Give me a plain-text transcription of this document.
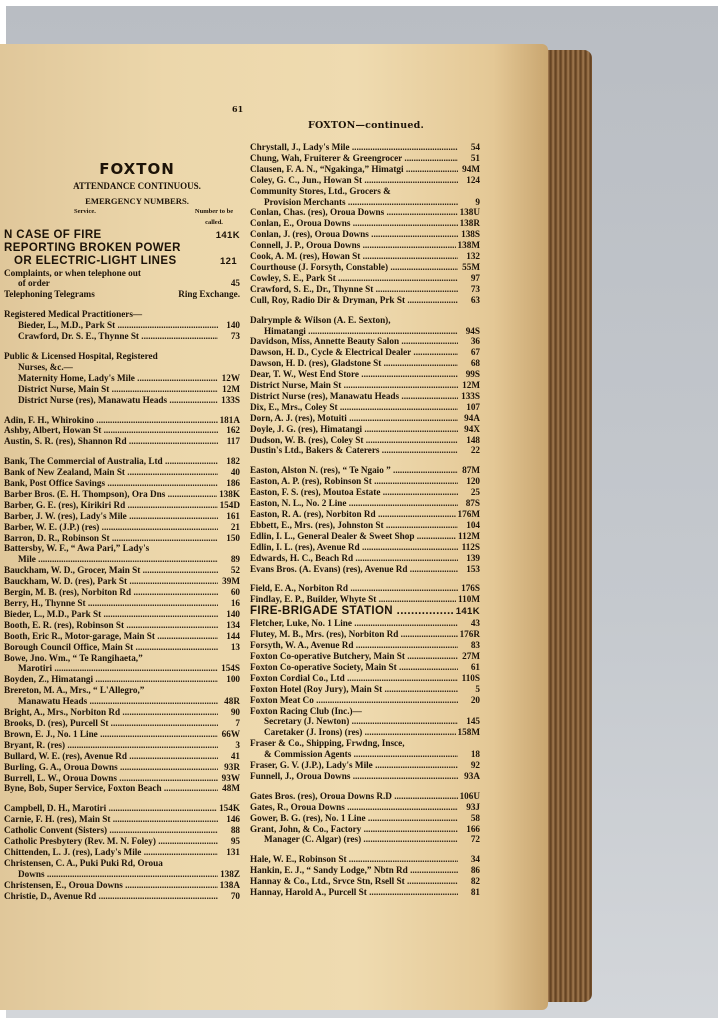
61
FOXTON—continued.
FOXTON
ATTENDANCE CONTINUOUS.
EMERGENCY NUMBERS.
Service.	Number to be called.
N CASE OF FIRE	141K
REPORTING BROKEN POWER
OR ELECTRIC-LIGHT LINES	121
Complaints, or when telephone out
of order	45
Telephoning Telegrams	Ring Exchange.
Registered Medical Practitioners—
Bieder, L., M.D., Park St .....	140
Crawford, Dr. S. E., Thynne St .....	73
Public & Licensed Hospital, Registered
Nurses, &c.—
Maternity Home, Lady's Mile .....	12W
District Nurse, Main St .....	12M
District Nurse (res), Manawatu Heads .....	133S
Adin, F. H., Whirokino .....	181A
Ashby, Albert, Howan St .....	162
Austin, S. R. (res), Shannon Rd .....	117
Bank, The Commercial of Australia, Ltd .....	182
Bank of New Zealand, Main St .....	40
Bank, Post Office Savings .....	186
Barber Bros. (E. H. Thompson), Ora Dns .....	138K
Barber, G. E. (res), Kirikiri Rd .....	154D
Barber, J. W. (res), Lady's Mile .....	161
Barber, W. E. (J.P.) (res) .....	21
Barron, D. R., Robinson St .....	150
Battersby, W. F., “ Awa Pari,” Lady's
Mile .....	89
Bauckham, W. D., Grocer, Main St .....	52
Bauckham, W. D. (res), Park St .....	39M
Bergin, M. B. (res), Norbiton Rd .....	60
Berry, H., Thynne St .....	16
Bieder, L., M.D., Park St .....	140
Booth, E. R. (res), Robinson St .....	134
Booth, Eric R., Motor-garage, Main St .....	144
Borough Council Office, Main St .....	13
Bowe, Jno. Wm., “ Te Rangihaeta,”
Marotiri .....	154S
Boyden, Z., Himatangi .....	100
Brereton, M. A., Mrs., “ L'Allegro,”
Manawatu Heads .....	48R
Bright, A., Mrs., Norbiton Rd .....	90
Brooks, D. (res), Purcell St .....	7
Brown, E. J., No. 1 Line .....	66W
Bryant, R. (res) .....	3
Bullard, W. E. (res), Avenue Rd .....	41
Burling, G. A., Oroua Downs .....	93R
Burrell, L. W., Oroua Downs .....	93W
Byne, Bob, Super Service, Foxton Beach .....	48M
Campbell, D. H., Marotiri .....	154K
Carnie, F. H. (res), Main St .....	146
Catholic Convent (Sisters) .....	88
Catholic Presbytery (Rev. M. N. Foley) .....	95
Chittenden, L. J. (res), Lady's Mile .....	131
Christensen, C. A., Puki Puki Rd, Oroua
Downs .....	138Z
Christensen, E., Oroua Downs .....	138A
Christie, D., Avenue Rd .....	70
Chrystall, J., Lady's Mile .....	54
Chung, Wah, Fruiterer & Greengrocer .....	51
Clausen, F. A. N., “Ngakinga,” Himatgi .....	94M
Coley, G. C., Jun., Howan St .....	124
Community Stores, Ltd., Grocers &
Provision Merchants .....	9
Conlan, Chas. (res), Oroua Downs .....	138U
Conlan, E., Oroua Downs .....	138R
Conlan, J. (res), Oroua Downs .....	138S
Connell, J. P., Oroua Downs .....	138M
Cook, A. M. (res), Howan St .....	132
Courthouse (J. Forsyth, Constable) .....	55M
Cowley, S. E., Park St .....	97
Crawford, S. E., Dr., Thynne St .....	73
Cull, Roy, Radio Dir & Dryman, Prk St .....	63
Dalrymple & Wilson (A. E. Sexton),
Himatangi .....	94S
Davidson, Miss, Annette Beauty Salon .....	36
Dawson, H. D., Cycle & Electrical Dealer .....	67
Dawson, H. D. (res), Gladstone St .....	68
Dear, T. W., West End Store .....	99S
District Nurse, Main St .....	12M
District Nurse (res), Manawatu Heads .....	133S
Dix, E., Mrs., Coley St .....	107
Dorn, A. J. (res), Motuiti .....	94A
Doyle, J. G. (res), Himatangi .....	94X
Dudson, W. B. (res), Coley St .....	148
Dustin's Ltd., Bakers & Caterers .....	22
Easton, Alston N. (res), “ Te Ngaio ” .....	87M
Easton, A. P. (res), Robinson St .....	120
Easton, F. S. (res), Moutoa Estate .....	25
Easton, N. L., No. 2 Line .....	87S
Easton, R. A. (res), Norbiton Rd .....	176M
Ebbett, E., Mrs. (res), Johnston St .....	104
Edlin, I. L., General Dealer & Sweet Shop .....	112M
Edlin, I. L. (res), Avenue Rd .....	112S
Edwards, H. C., Beach Rd .....	139
Evans Bros. (A. Evans) (res), Avenue Rd .....	153
Field, E. A., Norbiton Rd .....	176S
Findlay, E. P., Builder, Whyte St .....	110M
FIRE-BRIGADE STATION .....	141K
Fletcher, Luke, No. 1 Line .....	43
Flutey, M. B., Mrs. (res), Norbiton Rd .....	176R
Forsyth, W. A., Avenue Rd .....	83
Foxton Co-operative Butchery, Main St .....	27M
Foxton Co-operative Society, Main St .....	61
Foxton Cordial Co., Ltd .....	110S
Foxton Hotel (Roy Jury), Main St .....	5
Foxton Meat Co .....	20
Foxton Racing Club (Inc.)—
Secretary (J. Newton) .....	145
Caretaker (J. Irons) (res) .....	158M
Fraser & Co., Shipping, Frwdng, Insce,
& Commission Agents .....	18
Fraser, G. V. (J.P.), Lady's Mile .....	92
Funnell, J., Oroua Downs .....	93A
Gates Bros. (res), Oroua Downs R.D .....	106U
Gates, R., Oroua Downs .....	93J
Gower, B. G. (res), No. 1 Line .....	58
Grant, John, & Co., Factory .....	166
Manager (C. Algar) (res) .....	72
Hale, W. E., Robinson St .....	34
Hankin, E. J., “ Sandy Lodge,” Nbtn Rd .....	86
Hannay & Co., Ltd., Srvce Stn, Rsell St .....	82
Hannay, Harold A., Purcell St .....	81
